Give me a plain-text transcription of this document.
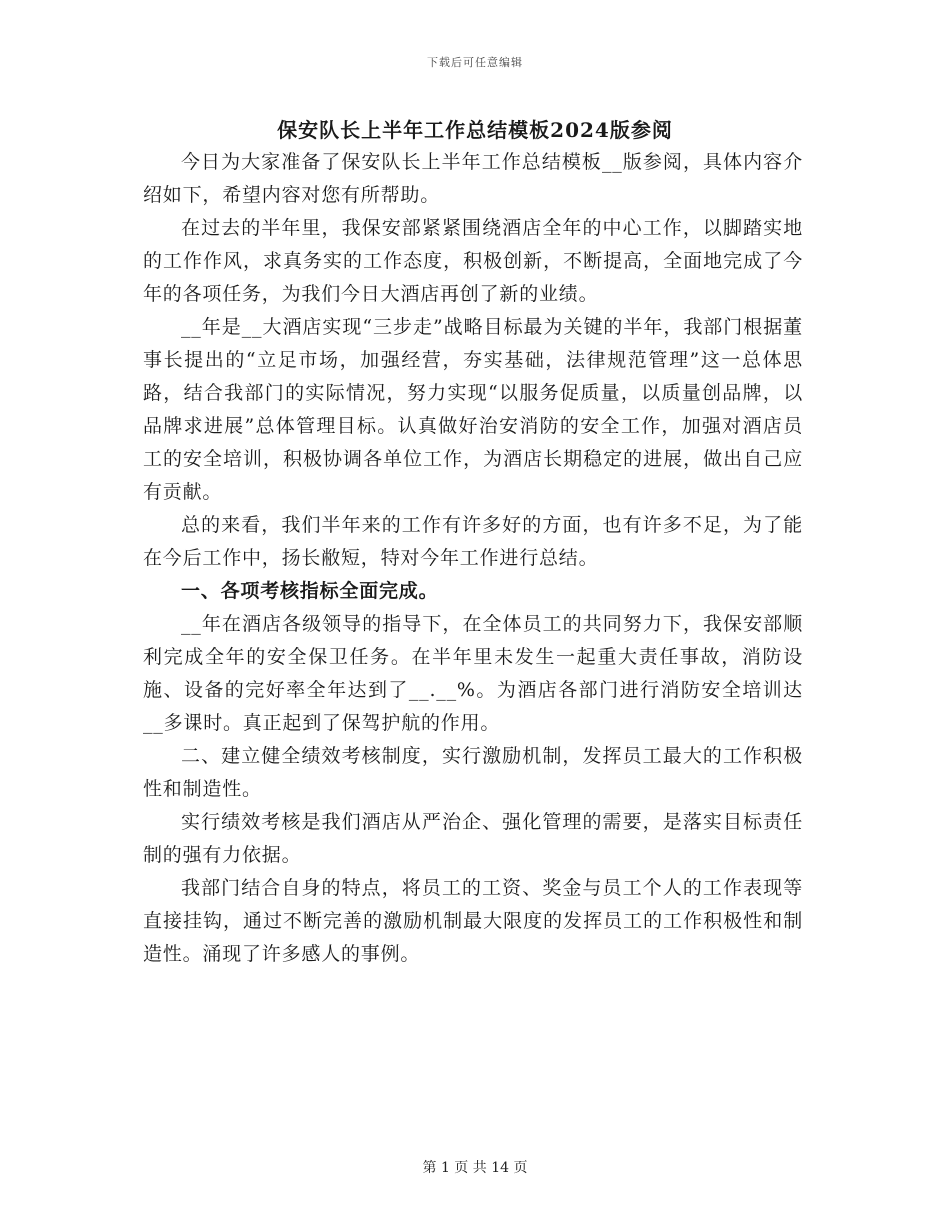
下载后可任意编辑
保安队长上半年工作总结模板2024版参阅

今日为大家准备了保安队长上半年工作总结模板__版参阅，具体内容介绍如下，希望内容对您有所帮助。

在过去的半年里，我保安部紧紧围绕酒店全年的中心工作，以脚踏实地的工作作风，求真务实的工作态度，积极创新，不断提高，全面地完成了今年的各项任务，为我们今日大酒店再创了新的业绩。

__年是__大酒店实现“三步走”战略目标最为关键的半年，我部门根据董事长提出的“立足市场，加强经营，夯实基础，法律规范管理”这一总体思路，结合我部门的实际情况，努力实现“以服务促质量，以质量创品牌，以品牌求进展”总体管理目标。认真做好治安消防的安全工作，加强对酒店员工的安全培训，积极协调各单位工作，为酒店长期稳定的进展，做出自己应有贡献。

总的来看，我们半年来的工作有许多好的方面，也有许多不足，为了能在今后工作中，扬长敝短，特对今年工作进行总结。

一、各项考核指标全面完成。

__年在酒店各级领导的指导下，在全体员工的共同努力下，我保安部顺利完成全年的安全保卫任务。在半年里未发生一起重大责任事故，消防设施、设备的完好率全年达到了__.__%。为酒店各部门进行消防安全培训达__多课时。真正起到了保驾护航的作用。

二、建立健全绩效考核制度，实行激励机制，发挥员工最大的工作积极性和制造性。

实行绩效考核是我们酒店从严治企、强化管理的需要，是落实目标责任制的强有力依据。

我部门结合自身的特点，将员工的工资、奖金与员工个人的工作表现等直接挂钩，通过不断完善的激励机制最大限度的发挥员工的工作积极性和制造性。涌现了许多感人的事例。

第 1 页 共 14 页
